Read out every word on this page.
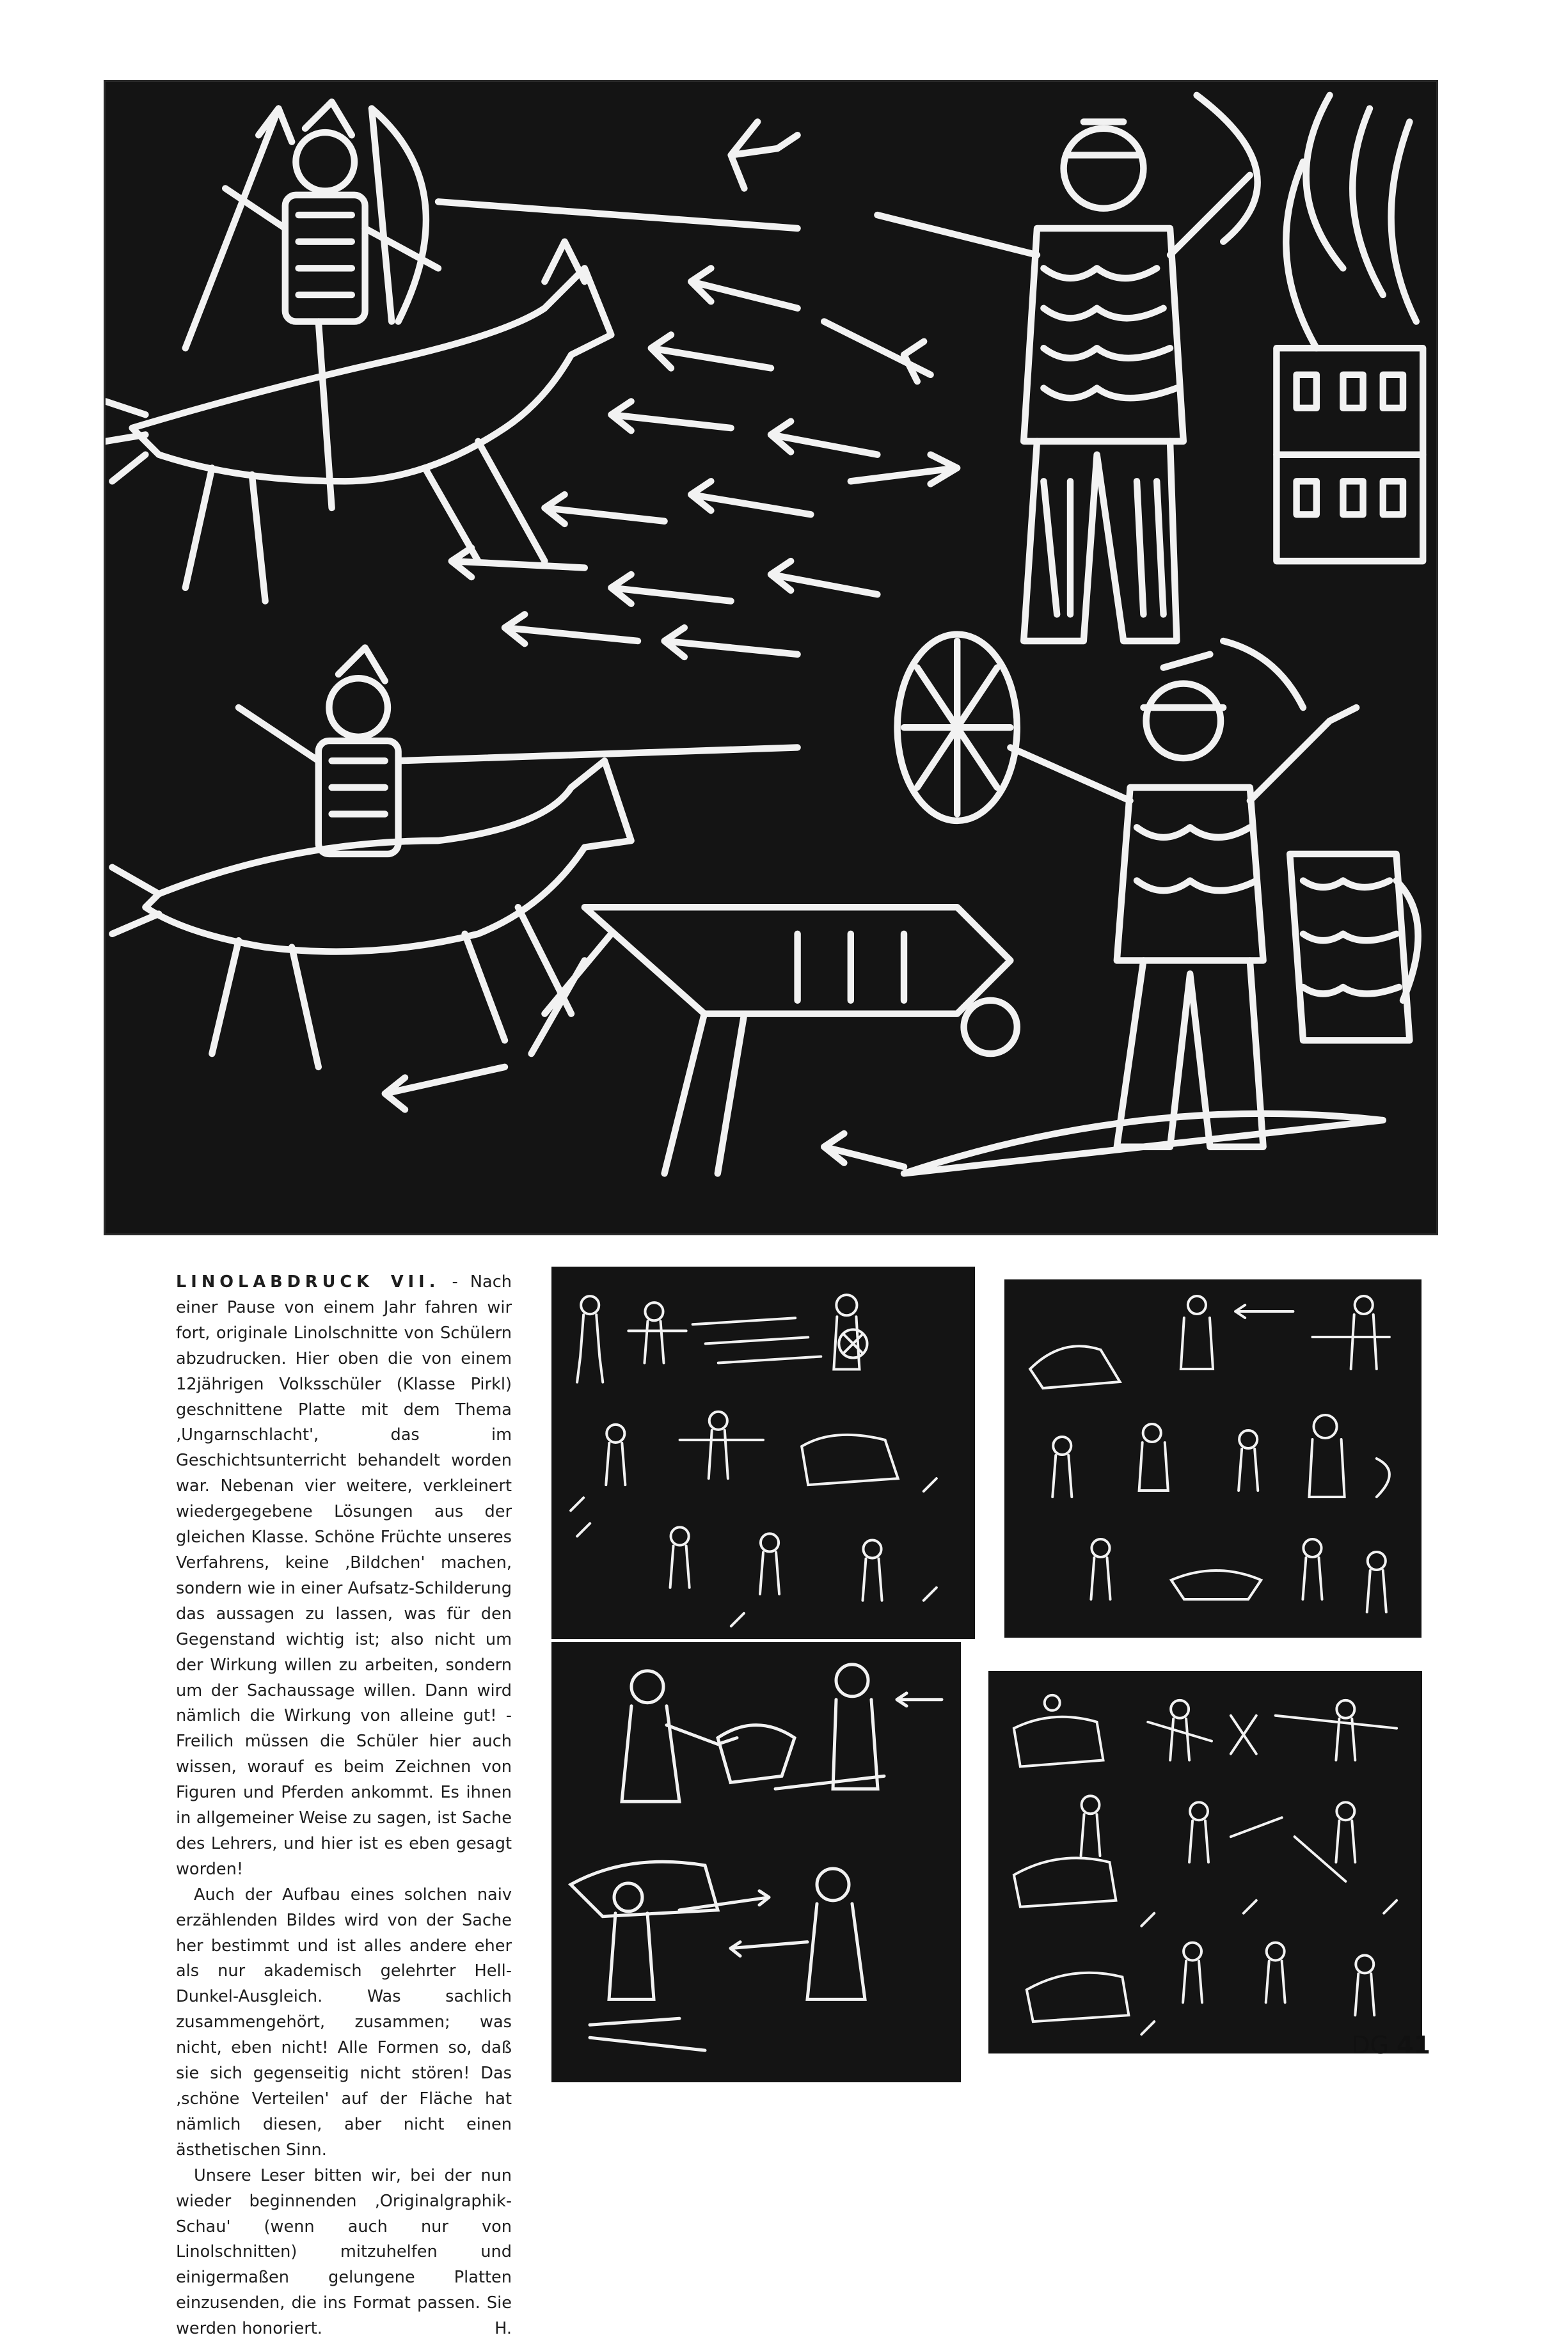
LINOLABDRUCK VII. - Nach einer Pause von einem Jahr fahren wir fort, originale Linolschnitte von Schülern abzudrucken. Hier oben die von einem 12jährigen Volksschüler (Klasse Pirkl) geschnittene Platte mit dem Thema ‚Ungarnschlacht', das im Geschichtsunterricht behandelt worden war. Nebenan vier weitere, verkleinert wiedergegebene Lösungen aus der gleichen Klasse. Schöne Früchte unseres Verfahrens, keine ‚Bildchen' machen, sondern wie in einer Aufsatz-Schilderung das aussagen zu lassen, was für den Gegenstand wichtig ist; also nicht um der Wirkung willen zu arbeiten, sondern um der Sachaussage willen. Dann wird nämlich die Wirkung von alleine gut! - Freilich müssen die Schüler hier auch wissen, worauf es beim Zeichnen von Figuren und Pferden ankommt. Es ihnen in allgemeiner Weise zu sagen, ist Sache des Lehrers, und hier ist es eben gesagt worden!

Auch der Aufbau eines solchen naiv erzählenden Bildes wird von der Sache her bestimmt und ist alles andere eher als nur akademisch gelehrter Hell-Dunkel-Ausgleich. Was sachlich zusammengehört, zusammen; was nicht, eben nicht! Alle Formen so, daß sie sich gegenseitig nicht stören! Das ‚schöne Verteilen' auf der Fläche hat nämlich diesen, aber nicht einen ästhetischen Sinn.

Unsere Leser bitten wir, bei der nun wieder beginnenden ‚Originalgraphik-Schau' (wenn auch nur von Linolschnitten) mitzuhelfen und einigermaßen gelungene Platten einzusenden, die ins Format passen. Sie werden honoriert.	H.

DG 41
